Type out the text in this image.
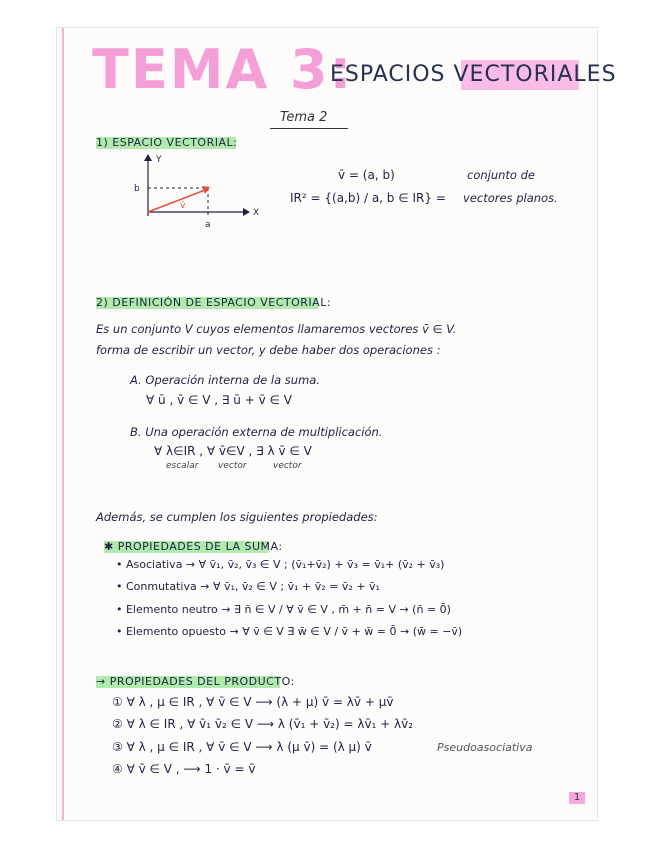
TEMA 3:
ESPACIOS VECTORIALES
Tema 2
1) ESPACIO VECTORIAL:
Y
X
b
a
v̄
v̄ = (a, b)	conjunto de
IR² = {(a,b) / a, b ∈ IR} = vectores planos.
2) DEFINICIÓN DE ESPACIO VECTORIAL:
Es un conjunto V cuyos elementos llamaremos vectores v̄ ∈ V.
forma de escribir un vector, y debe haber dos operaciones :
A. Operación interna de la suma.
∀ ū , v̄ ∈ V , ∃ ū + v̄ ∈ V
B. Una operación externa de multiplicación.
∀ λ∈IR , ∀ v̄∈V , ∃ λ v̄ ∈ V
escalar vector	vector
Además, se cumplen los siguientes propiedades:
✱ PROPIEDADES DE LA SUMA:
• Asociativa → ∀ v̄₁, v̄₂, v̄₃ ∈ V ; (v̄₁+v̄₂) + v̄₃ = v̄₁+ (v̄₂ + v̄₃)
• Conmutativa → ∀ v̄₁, v̄₂ ∈ V ; v̄₁ + v̄₂ = v̄₂ + v̄₁
• Elemento neutro → ∃ n̄ ∈ V / ∀ v̄ ∈ V , m̄ + n̄ = V → (n̄ = 0̄)
• Elemento opuesto → ∀ v̄ ∈ V ∃ w̄ ∈ V / v̄ + w̄ = 0̄ → (w̄ = −v̄)
→ PROPIEDADES DEL PRODUCTO:
① ∀ λ , μ ∈ IR , ∀ v̄ ∈ V ⟶ (λ + μ) v̄ = λv̄ + μv̄
② ∀ λ ∈ IR , ∀ v̄₁ v̄₂ ∈ V ⟶ λ (v̄₁ + v̄₂) = λv̄₁ + λv̄₂
③ ∀ λ , μ ∈ IR , ∀ v̄ ∈ V ⟶ λ (μ v̄) = (λ μ) v̄	Pseudoasociativa
④ ∀ v̄ ∈ V , ⟶ 1 · v̄ = v̄
1
